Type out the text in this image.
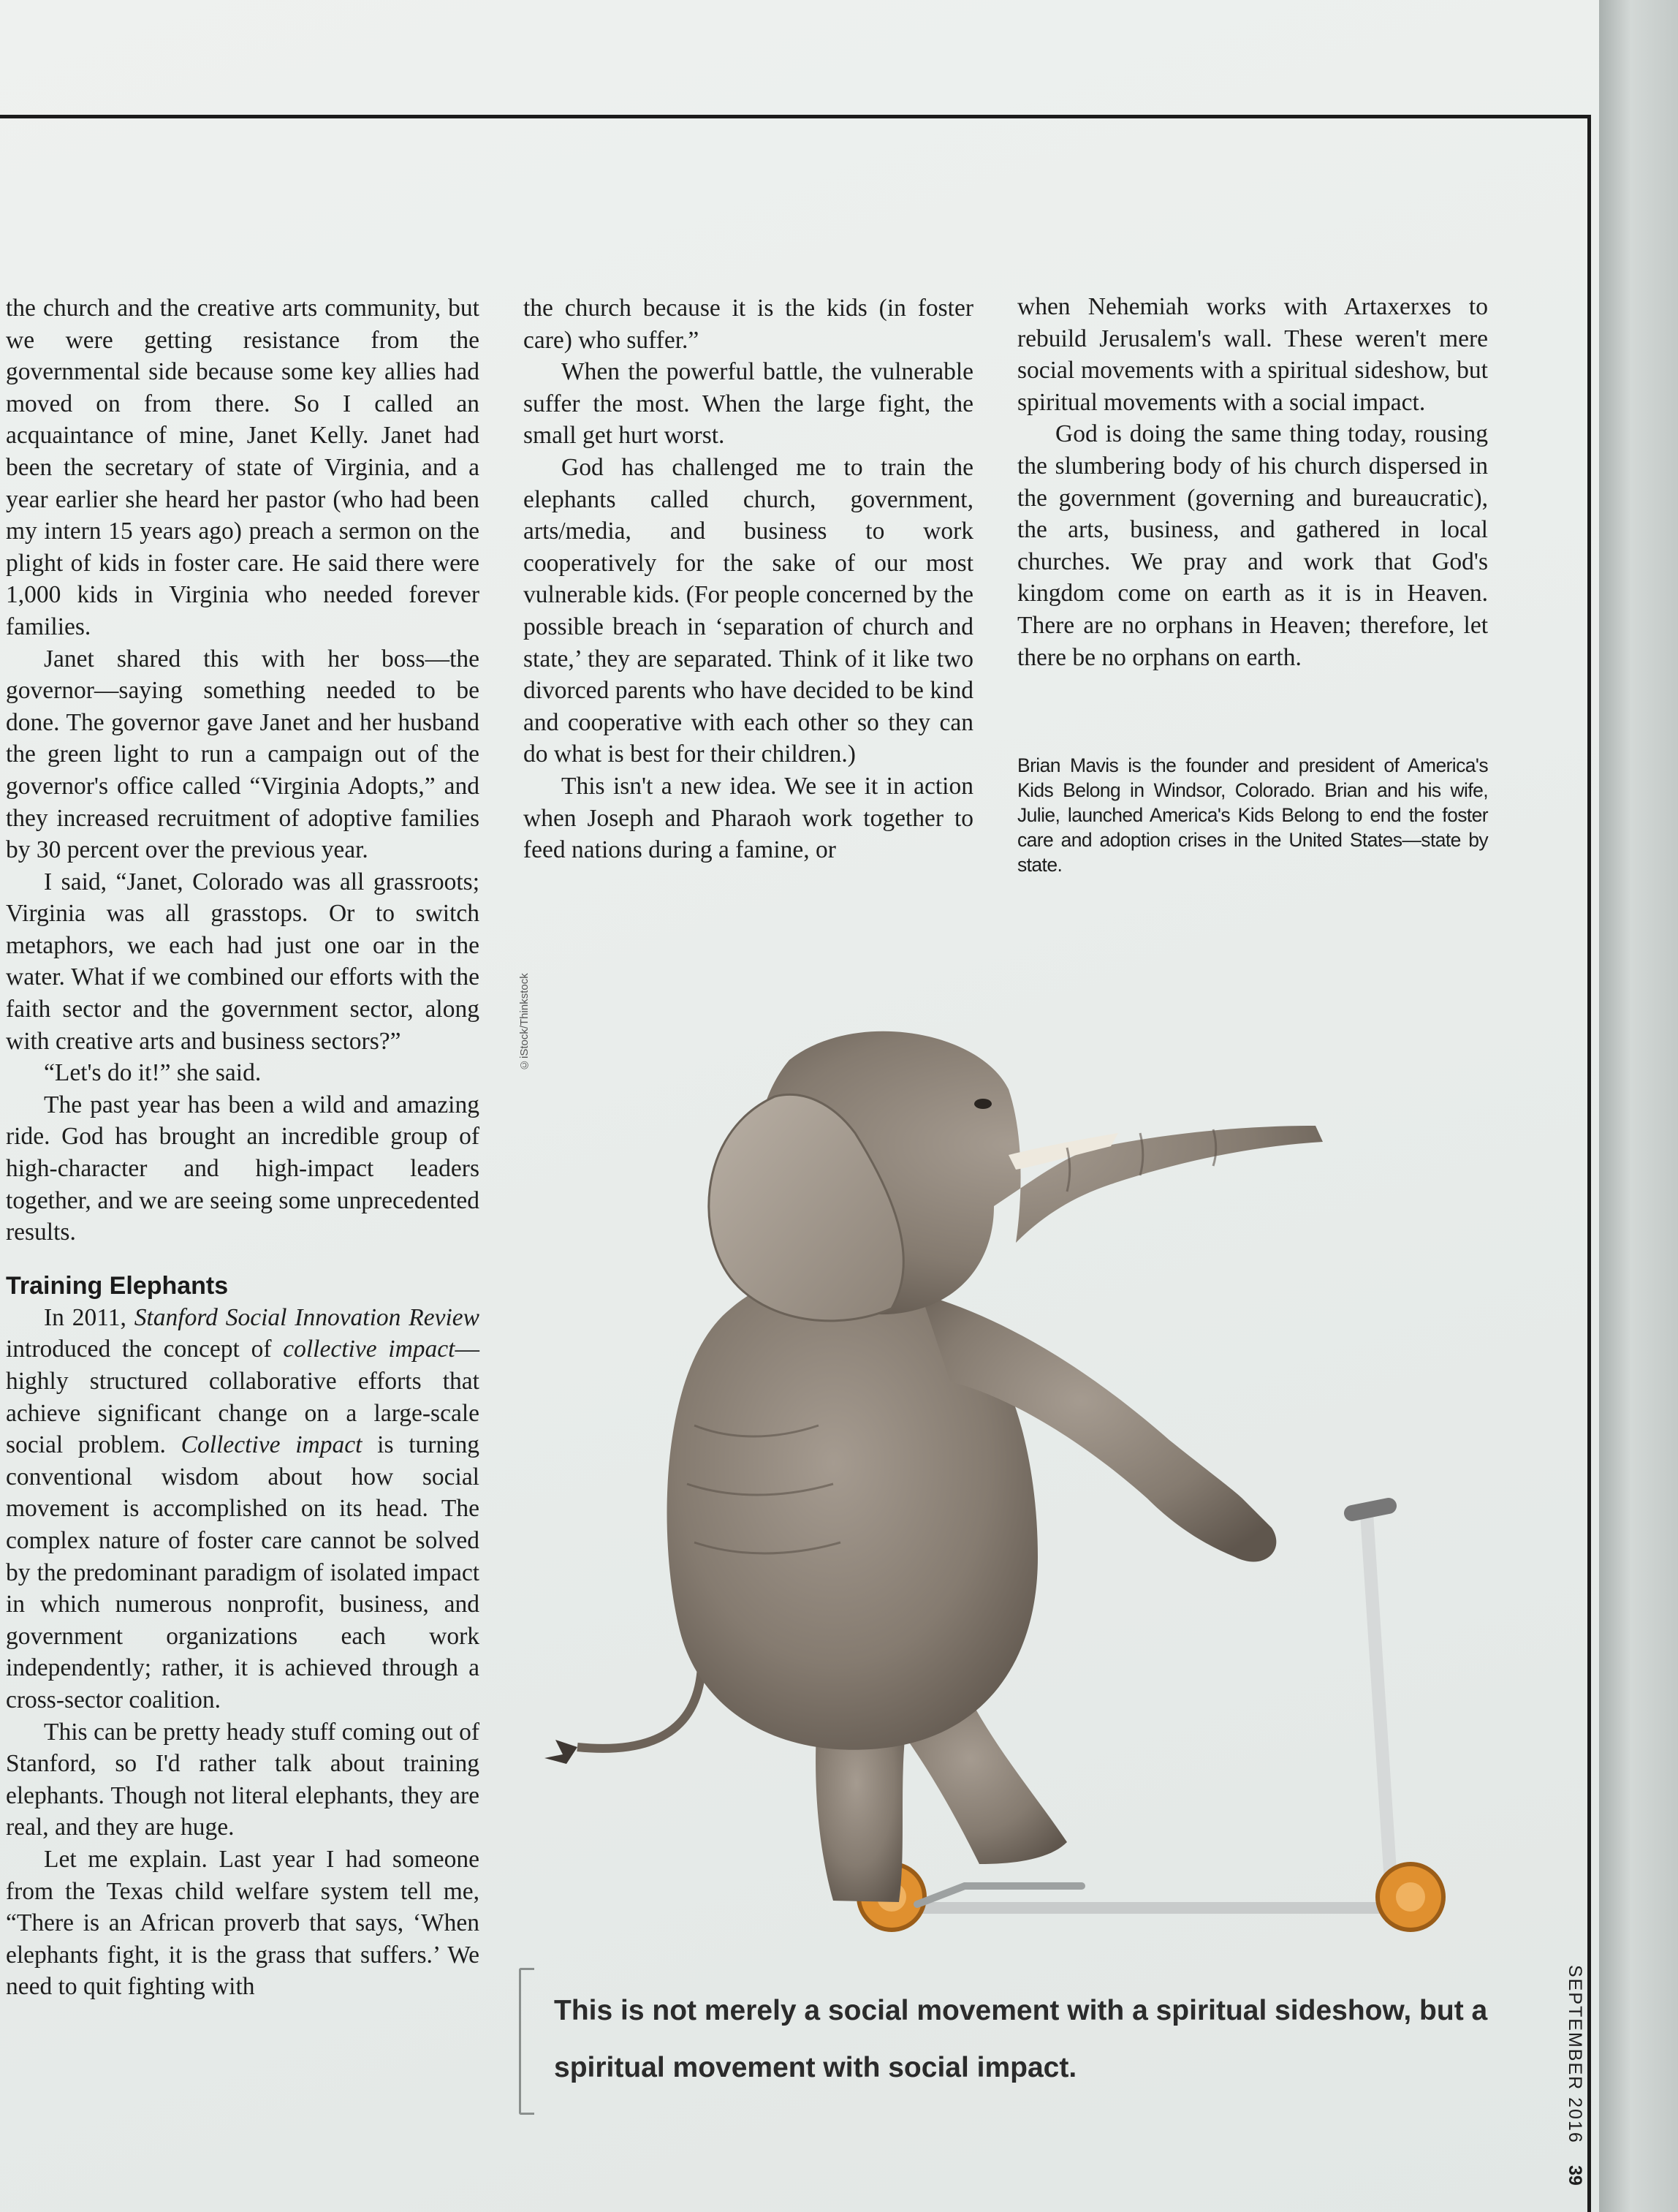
the church and the creative arts community, but we were getting resistance from the governmental side because some key allies had moved on from there. So I called an acquaintance of mine, Janet Kelly. Janet had been the secretary of state of Virginia, and a year earlier she heard her pastor (who had been my intern 15 years ago) preach a sermon on the plight of kids in foster care. He said there were 1,000 kids in Virginia who needed forever families.

Janet shared this with her boss—the governor—saying something needed to be done. The governor gave Janet and her husband the green light to run a campaign out of the governor's office called “Virginia Adopts,” and they increased recruitment of adoptive families by 30 percent over the previous year.

I said, “Janet, Colorado was all grassroots; Virginia was all grasstops. Or to switch metaphors, we each had just one oar in the water. What if we combined our efforts with the faith sector and the government sector, along with creative arts and business sectors?”

“Let's do it!” she said.

The past year has been a wild and amazing ride. God has brought an incredible group of high-character and high-impact leaders together, and we are seeing some unprecedented results.

Training Elephants

In 2011, Stanford Social Innovation Review introduced the concept of collective impact—highly structured collaborative efforts that achieve significant change on a large-scale social problem. Collective impact is turning conventional wisdom about how social movement is accomplished on its head. The complex nature of foster care cannot be solved by the predominant paradigm of isolated impact in which numerous nonprofit, business, and government organizations each work independently; rather, it is achieved through a cross-sector coalition.

This can be pretty heady stuff coming out of Stanford, so I'd rather talk about training elephants. Though not literal elephants, they are real, and they are huge.

Let me explain. Last year I had someone from the Texas child welfare system tell me, “There is an African proverb that says, ‘When elephants fight, it is the grass that suffers.’ We need to quit fighting with

the church because it is the kids (in foster care) who suffer.”

When the powerful battle, the vulnerable suffer the most. When the large fight, the small get hurt worst.

God has challenged me to train the elephants called church, government, arts/media, and business to work cooperatively for the sake of our most vulnerable kids. (For people concerned by the possible breach in ‘separation of church and state,’ they are separated. Think of it like two divorced parents who have decided to be kind and cooperative with each other so they can do what is best for their children.)

This isn't a new idea. We see it in action when Joseph and Pharaoh work together to feed nations during a famine, or

when Nehemiah works with Artaxerxes to rebuild Jerusalem's wall. These weren't mere social movements with a spiritual sideshow, but spiritual movements with a social impact.

God is doing the same thing today, rousing the slumbering body of his church dispersed in the government (governing and bureaucratic), the arts, business, and gathered in local churches. We pray and work that God's kingdom come on earth as it is in Heaven. There are no orphans in Heaven; therefore, let there be no orphans on earth.

Brian Mavis is the founder and president of America's Kids Belong in Windsor, Colorado. Brian and his wife, Julie, launched America's Kids Belong to end the foster care and adoption crises in the United States—state by state.
©iStock/Thinkstock
This is not merely a social movement with a spiritual sideshow, but a spiritual movement with social impact.	SEPTEMBER 2016 39
